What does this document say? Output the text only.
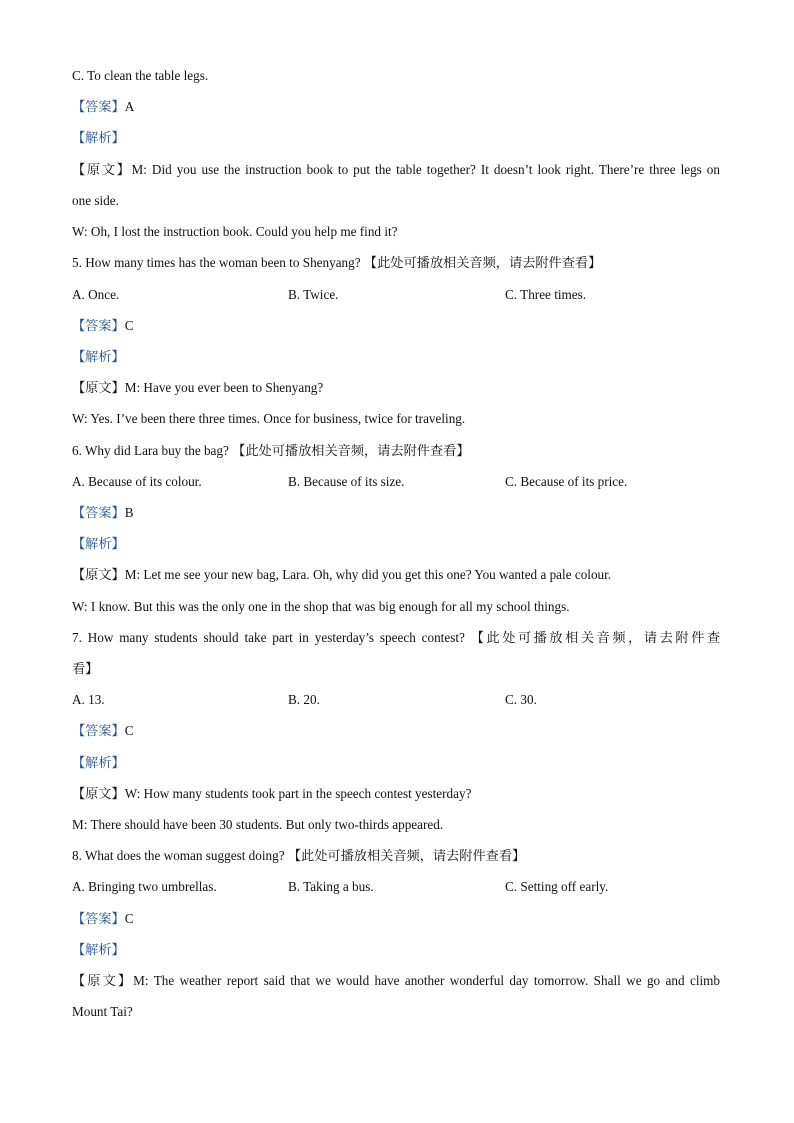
C. To clean the table legs.
【答案】A
【解析】
【原文】M: Did you use the instruction book to put the table together? It doesn’t look right. There’re three legs on
one side.
W: Oh, I lost the instruction book. Could you help me find it?
5. How many times has the woman been to Shenyang? 【此处可播放相关音频，请去附件查看】
A. Once.	B. Twice.	C. Three times.
【答案】C
【解析】
【原文】M: Have you ever been to Shenyang?
W: Yes. I’ve been there three times. Once for business, twice for traveling.
6. Why did Lara buy the bag? 【此处可播放相关音频，请去附件查看】
A. Because of its colour.	B. Because of its size.	C. Because of its price.
【答案】B
【解析】
【原文】M: Let me see your new bag, Lara. Oh, why did you get this one? You wanted a pale colour.
W: I know. But this was the only one in the shop that was big enough for all my school things.
7. How many students should take part in yesterday’s speech contest? 【此处可播放相关音频，请去附件查
看】
A. 13.	B. 20.	C. 30.
【答案】C
【解析】
【原文】W: How many students took part in the speech contest yesterday?
M: There should have been 30 students. But only two-thirds appeared.
8. What does the woman suggest doing? 【此处可播放相关音频，请去附件查看】
A. Bringing two umbrellas.	B. Taking a bus.	C. Setting off early.
【答案】C
【解析】
【原文】M: The weather report said that we would have another wonderful day tomorrow. Shall we go and climb
Mount Tai?
